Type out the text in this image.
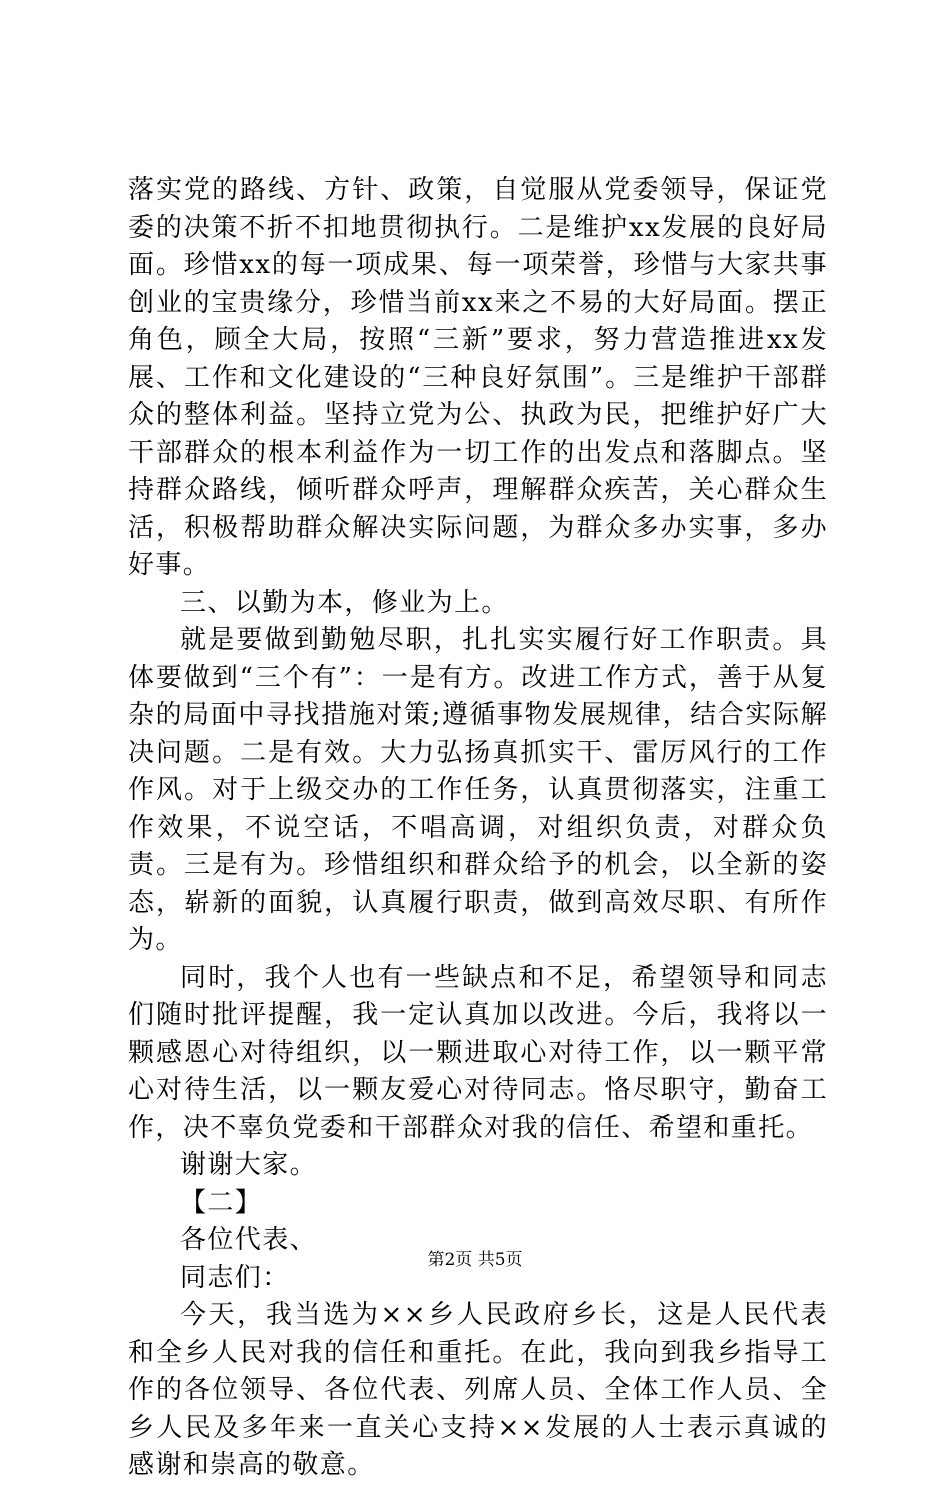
落实党的路线、方针、政策，自觉服从党委领导，保证党委的决策不折不扣地贯彻执行。二是维护xx发展的良好局面。珍惜xx的每一项成果、每一项荣誉，珍惜与大家共事创业的宝贵缘分，珍惜当前xx来之不易的大好局面。摆正角色，顾全大局，按照“三新”要求，努力营造推进xx发展、工作和文化建设的“三种良好氛围”。三是维护干部群众的整体利益。坚持立党为公、执政为民，把维护好广大干部群众的根本利益作为一切工作的出发点和落脚点。坚持群众路线，倾听群众呼声，理解群众疾苦，关心群众生活，积极帮助群众解决实际问题，为群众多办实事，多办好事。

三、以勤为本，修业为上。

就是要做到勤勉尽职，扎扎实实履行好工作职责。具体要做到“三个有”：一是有方。改进工作方式，善于从复杂的局面中寻找措施对策;遵循事物发展规律，结合实际解决问题。二是有效。大力弘扬真抓实干、雷厉风行的工作作风。对于上级交办的工作任务，认真贯彻落实，注重工作效果，不说空话，不唱高调，对组织负责，对群众负责。三是有为。珍惜组织和群众给予的机会，以全新的姿态，崭新的面貌，认真履行职责，做到高效尽职、有所作为。

同时，我个人也有一些缺点和不足，希望领导和同志们随时批评提醒，我一定认真加以改进。今后，我将以一颗感恩心对待组织，以一颗进取心对待工作，以一颗平常心对待生活，以一颗友爱心对待同志。恪尽职守，勤奋工作，决不辜负党委和干部群众对我的信任、希望和重托。

谢谢大家。

【二】

各位代表、

同志们：

今天，我当选为××乡人民政府乡长，这是人民代表和全乡人民对我的信任和重托。在此，我向到我乡指导工作的各位领导、各位代表、列席人员、全体工作人员、全乡人民及多年来一直关心支持××发展的人士表示真诚的感谢和崇高的敬意。

第2页 共5页
